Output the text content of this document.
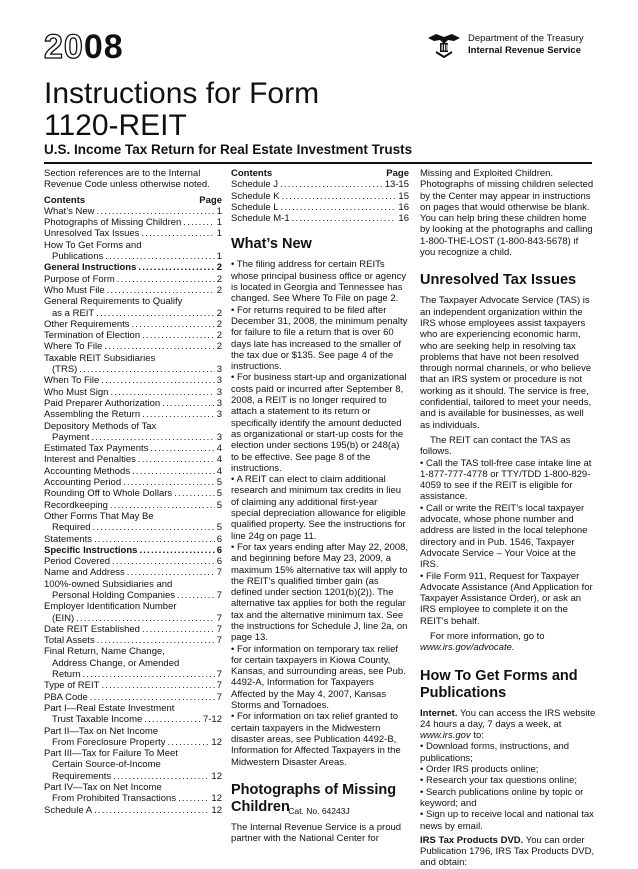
2008	Department of the Treasury
Internal Revenue Service
Instructions for Form
1120-REIT
U.S. Income Tax Return for Real Estate Investment Trusts

Section references are to the Internal Revenue Code unless otherwise noted.

Contents	Page
What’s New .....	1
Photographs of Missing Children .....	1
Unresolved Tax Issues .....	1
How To Get Forms and
Publications .....	1
General Instructions .....	2
Purpose of Form .....	2
Who Must File .....	2
General Requirements to Qualify
as a REIT .....	2
Other Requirements .....	2
Termination of Election .....	2
Where To File .....	2
Taxable REIT Subsidiaries
(TRS) .....	3
When To File .....	3
Who Must Sign .....	3
Paid Preparer Authorization .....	3
Assembling the Return .....	3
Depository Methods of Tax
Payment .....	3
Estimated Tax Payments .....	4
Interest and Penalties .....	4
Accounting Methods .....	4
Accounting Period .....	5
Rounding Off to Whole Dollars .....	5
Recordkeeping .....	5
Other Forms That May Be
Required .....	5
Statements .....	6
Specific Instructions .....	6
Period Covered .....	6
Name and Address .....	7
100%-owned Subsidiaries and
Personal Holding Companies .....	7
Employer Identification Number
(EIN) .....	7
Date REIT Established .....	7
Total Assets .....	7
Final Return, Name Change,
Address Change, or Amended
Return .....	7
Type of REIT .....	7
PBA Code .....	7
Part I—Real Estate Investment
Trust Taxable Income .....	7-12
Part II—Tax on Net Income
From Foreclosure Property .....	12
Part III—Tax for Failure To Meet
Certain Source-of-Income
Requirements .....	12
Part IV—Tax on Net Income
From Prohibited Transactions .....	12
Schedule A .....	12
Contents	Page
Schedule J .....	13-15
Schedule K .....	15
Schedule L .....	16
Schedule M-1 .....	16
What’s New

• The filing address for certain REITs whose principal business office or agency is located in Georgia and Tennessee has changed. See Where To File on page 2.

• For returns required to be filed after December 31, 2008, the minimum penalty for failure to file a return that is over 60 days late has increased to the smaller of the tax due or $135. See page 4 of the instructions.

• For business start-up and organizational costs paid or incurred after September 8, 2008, a REIT is no longer required to attach a statement to its return or specifically identify the amount deducted as organizational or start-up costs for the election under sections 195(b) or 248(a) to be effective. See page 8 of the instructions.

• A REIT can elect to claim additional research and minimum tax credits in lieu of claiming any additional first-year special depreciation allowance for eligible qualified property. See the instructions for line 24g on page 11.

• For tax years ending after May 22, 2008, and beginning before May 23, 2009, a maximum 15% alternative tax will apply to the REIT’s qualified timber gain (as defined under section 1201(b)(2)). The alternative tax applies for both the regular tax and the alternative minimum tax. See the instructions for Schedule J, line 2a, on page 13.

• For information on temporary tax relief for certain taxpayers in Kiowa County, Kansas, and surrounding areas, see Pub. 4492-A, Information for Taxpayers Affected by the May 4, 2007, Kansas Storms and Tornadoes.

• For information on tax relief granted to certain taxpayers in the Midwestern disaster areas, see Publication 4492-B, Information for Affected Taxpayers in the Midwestern Disaster Areas.

Photographs of Missing Children

The Internal Revenue Service is a proud partner with the National Center for

Missing and Exploited Children. Photographs of missing children selected by the Center may appear in instructions on pages that would otherwise be blank. You can help bring these children home by looking at the photographs and calling 1-800-THE-LOST (1-800-843-5678) if you recognize a child.

Unresolved Tax Issues

The Taxpayer Advocate Service (TAS) is an independent organization within the IRS whose employees assist taxpayers who are experiencing economic harm, who are seeking help in resolving tax problems that have not been resolved through normal channels, or who believe that an IRS system or procedure is not working as it should. The service is free, confidential, tailored to meet your needs, and is available for businesses, as well as individuals.

The REIT can contact the TAS as follows.

• Call the TAS toll-free case intake line at 1-877-777-4778 or TTY/TDD 1-800-829-4059 to see if the REIT is eligible for assistance.

• Call or write the REIT’s local taxpayer advocate, whose phone number and address are listed in the local telephone directory and in Pub. 1546, Taxpayer Advocate Service – Your Voice at the IRS.

• File Form 911, Request for Taxpayer Advocate Assistance (And Application for Taxpayer Assistance Order), or ask an IRS employee to complete it on the REIT’s behalf.

For more information, go to www.irs.gov/advocate.

How To Get Forms and Publications

Internet. You can access the IRS website 24 hours a day, 7 days a week, at www.irs.gov to:

• Download forms, instructions, and publications;

• Order IRS products online;

• Research your tax questions online;

• Search publications online by topic or keyword; and

• Sign up to receive local and national tax news by email.

IRS Tax Products DVD. You can order Publication 1796, IRS Tax Products DVD, and obtain:

Cat. No. 64243J
